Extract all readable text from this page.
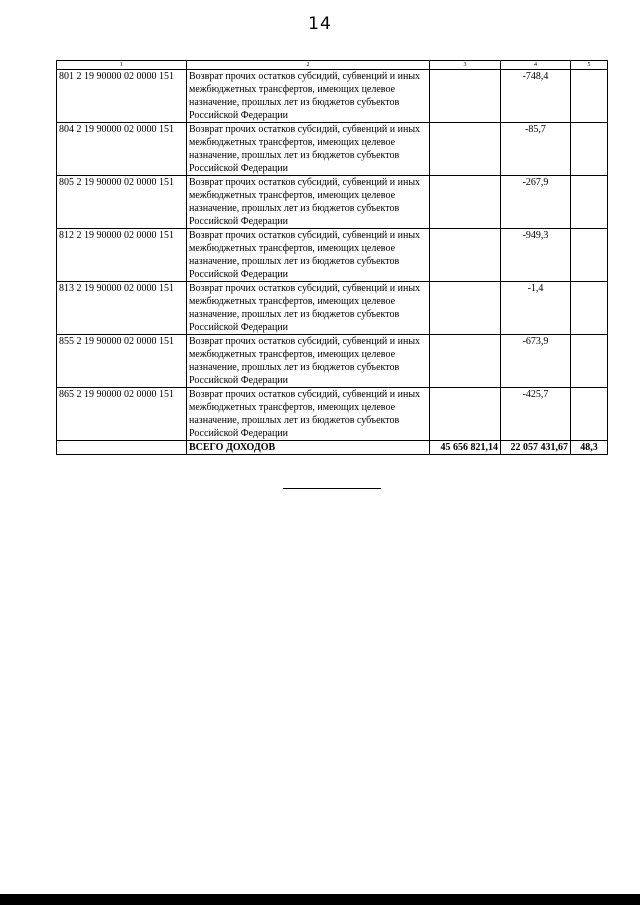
14
1	2	3	4	5
801 2 19 90000 02 0000 151	Возврат прочих остатков субсидий, субвенций и иных межбюджетных трансфертов, имеющих целевое назначение, прошлых лет из бюджетов субъектов Российской Федерации		-748,4	
804 2 19 90000 02 0000 151	Возврат прочих остатков субсидий, субвенций и иных межбюджетных трансфертов, имеющих целевое назначение, прошлых лет из бюджетов субъектов Российской Федерации		-85,7	
805 2 19 90000 02 0000 151	Возврат прочих остатков субсидий, субвенций и иных межбюджетных трансфертов, имеющих целевое назначение, прошлых лет из бюджетов субъектов Российской Федерации		-267,9	
812 2 19 90000 02 0000 151	Возврат прочих остатков субсидий, субвенций и иных межбюджетных трансфертов, имеющих целевое назначение, прошлых лет из бюджетов субъектов Российской Федерации		-949,3	
813 2 19 90000 02 0000 151	Возврат прочих остатков субсидий, субвенций и иных межбюджетных трансфертов, имеющих целевое назначение, прошлых лет из бюджетов субъектов Российской Федерации		-1,4	
855 2 19 90000 02 0000 151	Возврат прочих остатков субсидий, субвенций и иных межбюджетных трансфертов, имеющих целевое назначение, прошлых лет из бюджетов субъектов Российской Федерации		-673,9	
865 2 19 90000 02 0000 151	Возврат прочих остатков субсидий, субвенций и иных межбюджетных трансфертов, имеющих целевое назначение, прошлых лет из бюджетов субъектов Российской Федерации		-425,7	
	ВСЕГО ДОХОДОВ	45 656 821,14	22 057 431,67	48,3
